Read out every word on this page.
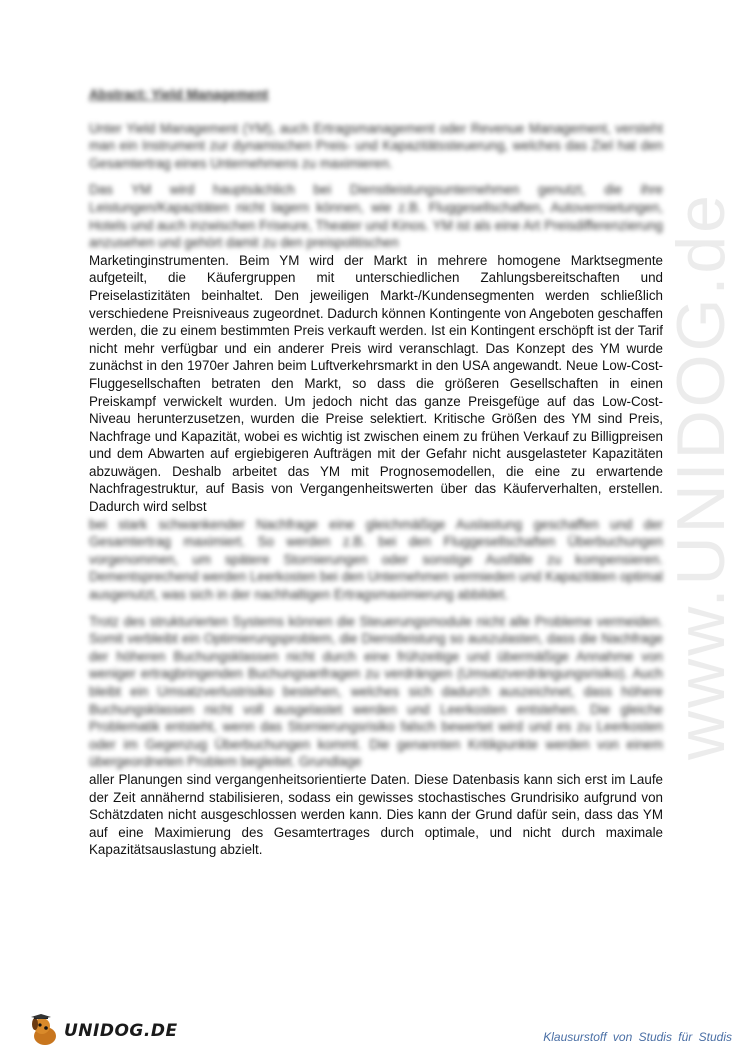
www.UNIDOG.de
Abstract: Yield Management

Unter Yield Management (YM), auch Ertragsmanagement oder Revenue Management, versteht man ein Instrument zur dynamischen Preis- und Kapazitätssteuerung, welches das Ziel hat den Gesamtertrag eines Unternehmens zu maximieren.

Das YM wird hauptsächlich bei Dienstleistungsunternehmen genutzt, die ihre Leistungen/Kapazitäten nicht lagern können, wie z.B. Fluggesellschaften, Autovermietungen, Hotels und auch inzwischen Friseure, Theater und Kinos. YM ist als eine Art Preisdifferenzierung anzusehen und gehört damit zu den preispolitischen

Marketinginstrumenten. Beim YM wird der Markt in mehrere homogene Marktsegmente aufgeteilt, die Käufergruppen mit unterschiedlichen Zahlungsbereitschaften und Preiselastizitäten beinhaltet. Den jeweiligen Markt-/Kundensegmenten werden schließlich verschiedene Preisniveaus zugeordnet. Dadurch können Kontingente von Angeboten geschaffen werden, die zu einem bestimmten Preis verkauft werden. Ist ein Kontingent erschöpft ist der Tarif nicht mehr verfügbar und ein anderer Preis wird veranschlagt. Das Konzept des YM wurde zunächst in den 1970er Jahren beim Luftverkehrsmarkt in den USA angewandt. Neue Low-Cost-Fluggesellschaften betraten den Markt, so dass die größeren Gesellschaften in einen Preiskampf verwickelt wurden. Um jedoch nicht das ganze Preisgefüge auf das Low-Cost-Niveau herunterzusetzen, wurden die Preise selektiert. Kritische Größen des YM sind Preis, Nachfrage und Kapazität, wobei es wichtig ist zwischen einem zu frühen Verkauf zu Billigpreisen und dem Abwarten auf ergiebigeren Aufträgen mit der Gefahr nicht ausgelasteter Kapazitäten abzuwägen. Deshalb arbeitet das YM mit Prognosemodellen, die eine zu erwartende Nachfragestruktur, auf Basis von Vergangenheitswerten über das Käuferverhalten, erstellen. Dadurch wird selbst

bei stark schwankender Nachfrage eine gleichmäßige Auslastung geschaffen und der Gesamtertrag maximiert. So werden z.B. bei den Fluggesellschaften Überbuchungen vorgenommen, um spätere Stornierungen oder sonstige Ausfälle zu kompensieren. Dementsprechend werden Leerkosten bei den Unternehmen vermieden und Kapazitäten optimal ausgenutzt, was sich in der nachhaltigen Ertragsmaximierung abbildet.

Trotz des strukturierten Systems können die Steuerungsmodule nicht alle Probleme vermeiden. Somit verbleibt ein Optimierungsproblem, die Dienstleistung so auszulasten, dass die Nachfrage der höheren Buchungsklassen nicht durch eine frühzeitige und übermäßige Annahme von weniger ertragbringenden Buchungsanfragen zu verdrängen (Umsatzverdrängungsrisiko). Auch bleibt ein Umsatzverlustrisiko bestehen, welches sich dadurch auszeichnet, dass höhere Buchungsklassen nicht voll ausgelastet werden und Leerkosten entstehen. Die gleiche Problematik entsteht, wenn das Stornierungsrisiko falsch bewertet wird und es zu Leerkosten oder im Gegenzug Überbuchungen kommt. Die genannten Kritikpunkte werden von einem übergeordneten Problem begleitet. Grundlage

aller Planungen sind vergangenheitsorientierte Daten. Diese Datenbasis kann sich erst im Laufe der Zeit annähernd stabilisieren, sodass ein gewisses stochastisches Grundrisiko aufgrund von Schätzdaten nicht ausgeschlossen werden kann. Dies kann der Grund dafür sein, dass das YM auf eine Maximierung des Gesamtertrages durch optimale, und nicht durch maximale Kapazitätsauslastung abzielt.

UNIDOG.DE	Klausurstoff von Studis für Studis
